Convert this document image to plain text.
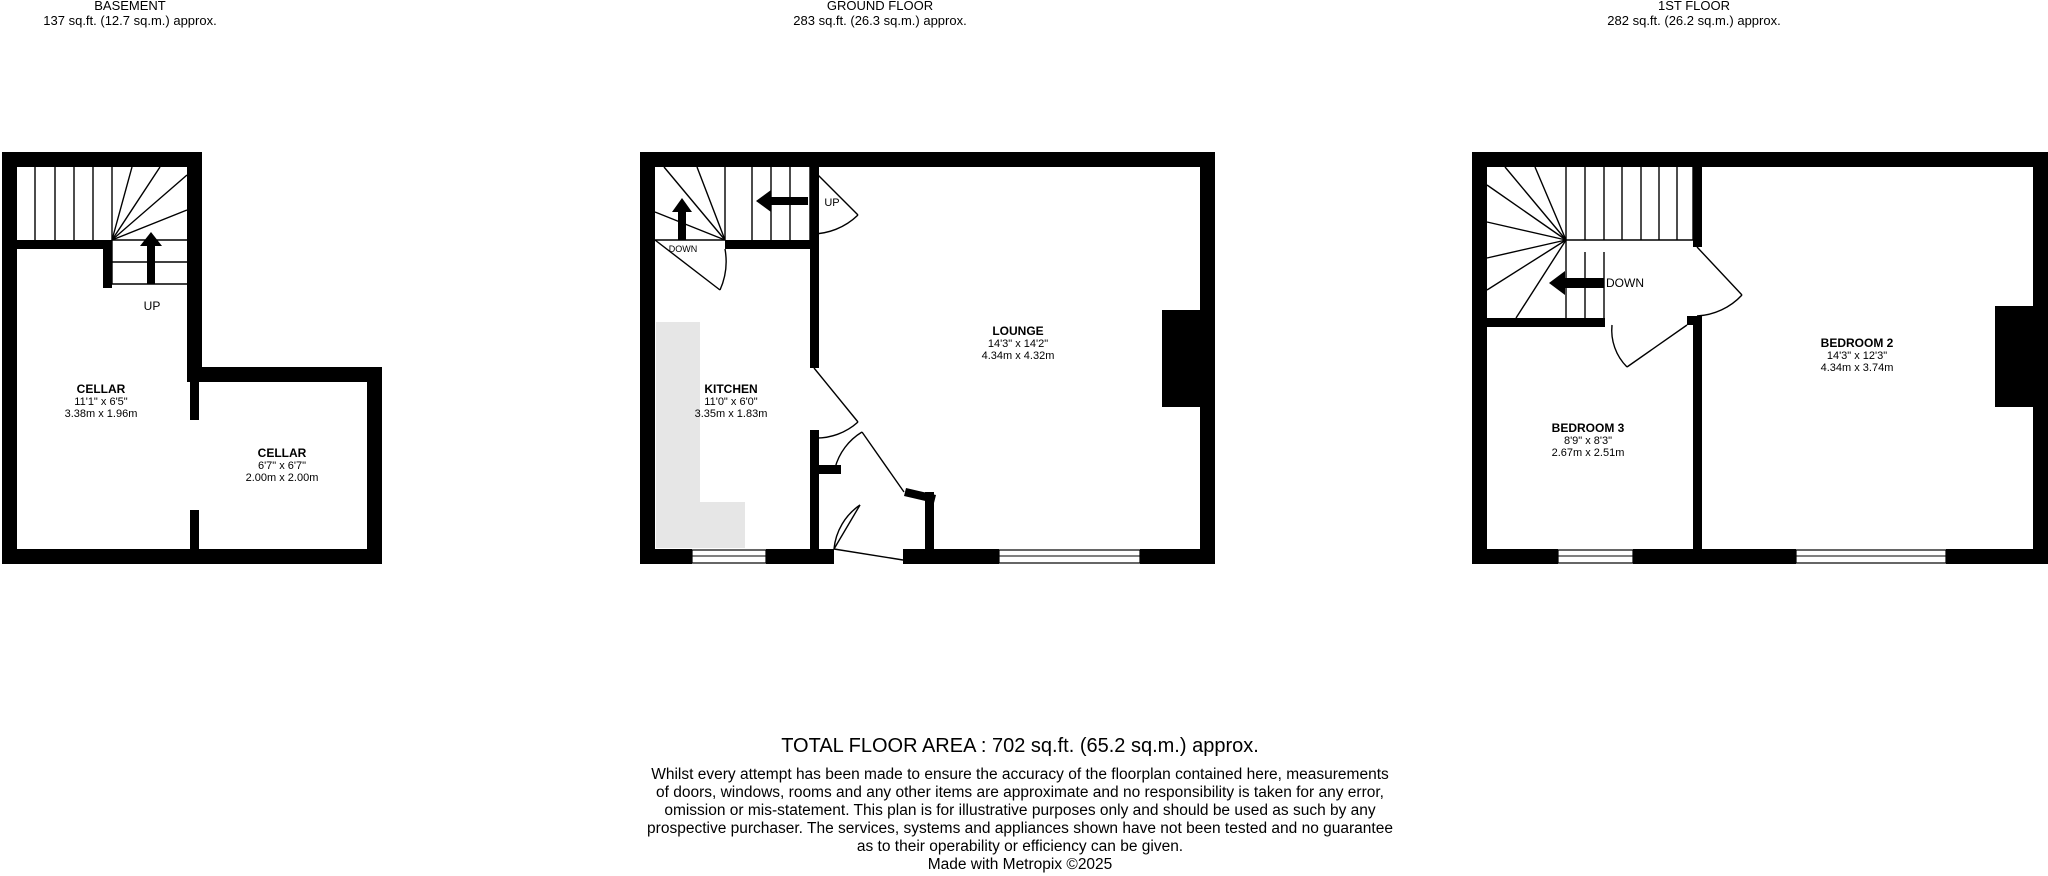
BASEMENT
137 sq.ft. (12.7 sq.m.) approx.
GROUND FLOOR
283 sq.ft. (26.3 sq.m.) approx.
1ST FLOOR
282 sq.ft. (26.2 sq.m.) approx.
UP
CELLAR
11'1" x 6'5"
3.38m x 1.96m
CELLAR
6'7" x 6'7"
2.00m x 2.00m
UP
DOWN
KITCHEN
11'0" x 6'0"
3.35m x 1.83m
LOUNGE
14'3" x 14'2"
4.34m x 4.32m
DOWN
BEDROOM 3
8'9" x 8'3"
2.67m x 2.51m
BEDROOM 2
14'3" x 12'3"
4.34m x 3.74m
TOTAL FLOOR AREA : 702 sq.ft. (65.2 sq.m.) approx.
Whilst every attempt has been made to ensure the accuracy of the floorplan contained here, measurements
of doors, windows, rooms and any other items are approximate and no responsibility is taken for any error,
omission or mis-statement. This plan is for illustrative purposes only and should be used as such by any
prospective purchaser. The services, systems and appliances shown have not been tested and no guarantee
as to their operability or efficiency can be given.
Made with Metropix ©2025
